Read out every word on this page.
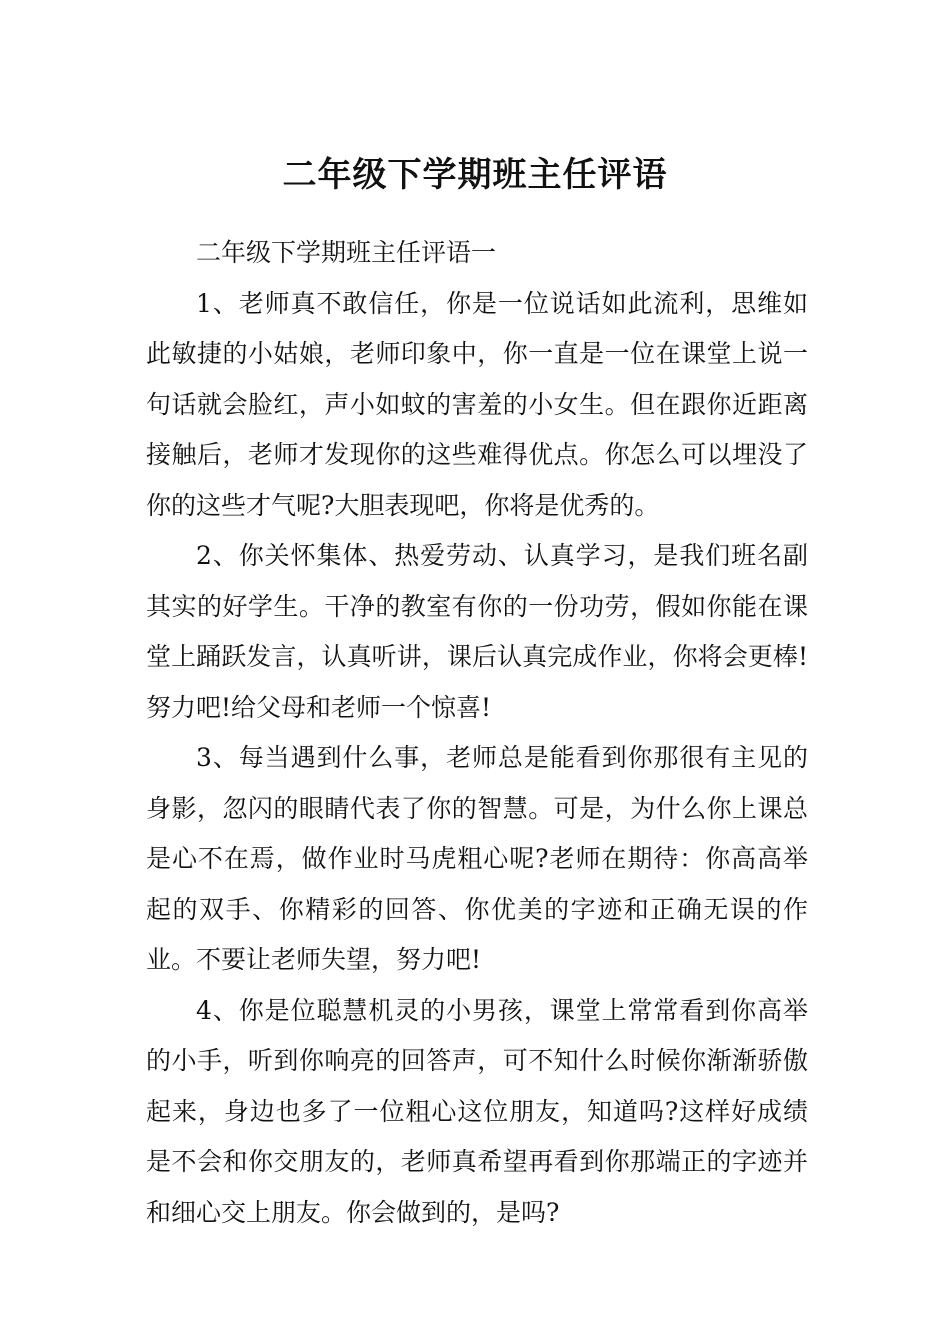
二年级下学期班主任评语

二年级下学期班主任评语一

1、老师真不敢信任，你是一位说话如此流利，思维如此敏捷的小姑娘，老师印象中，你一直是一位在课堂上说一句话就会脸红，声小如蚊的害羞的小女生。但在跟你近距离接触后，老师才发现你的这些难得优点。你怎么可以埋没了你的这些才气呢?大胆表现吧，你将是优秀的。

2、你关怀集体、热爱劳动、认真学习，是我们班名副其实的好学生。干净的教室有你的一份功劳，假如你能在课堂上踊跃发言，认真听讲，课后认真完成作业，你将会更棒!努力吧!给父母和老师一个惊喜!

3、每当遇到什么事，老师总是能看到你那很有主见的身影，忽闪的眼睛代表了你的智慧。可是，为什么你上课总是心不在焉，做作业时马虎粗心呢?老师在期待：你高高举起的双手、你精彩的回答、你优美的字迹和正确无误的作业。不要让老师失望，努力吧!

4、你是位聪慧机灵的小男孩，课堂上常常看到你高举的小手，听到你响亮的回答声，可不知什么时候你渐渐骄傲起来，身边也多了一位粗心这位朋友，知道吗?这样好成绩是不会和你交朋友的，老师真希望再看到你那端正的字迹并和细心交上朋友。你会做到的，是吗?
